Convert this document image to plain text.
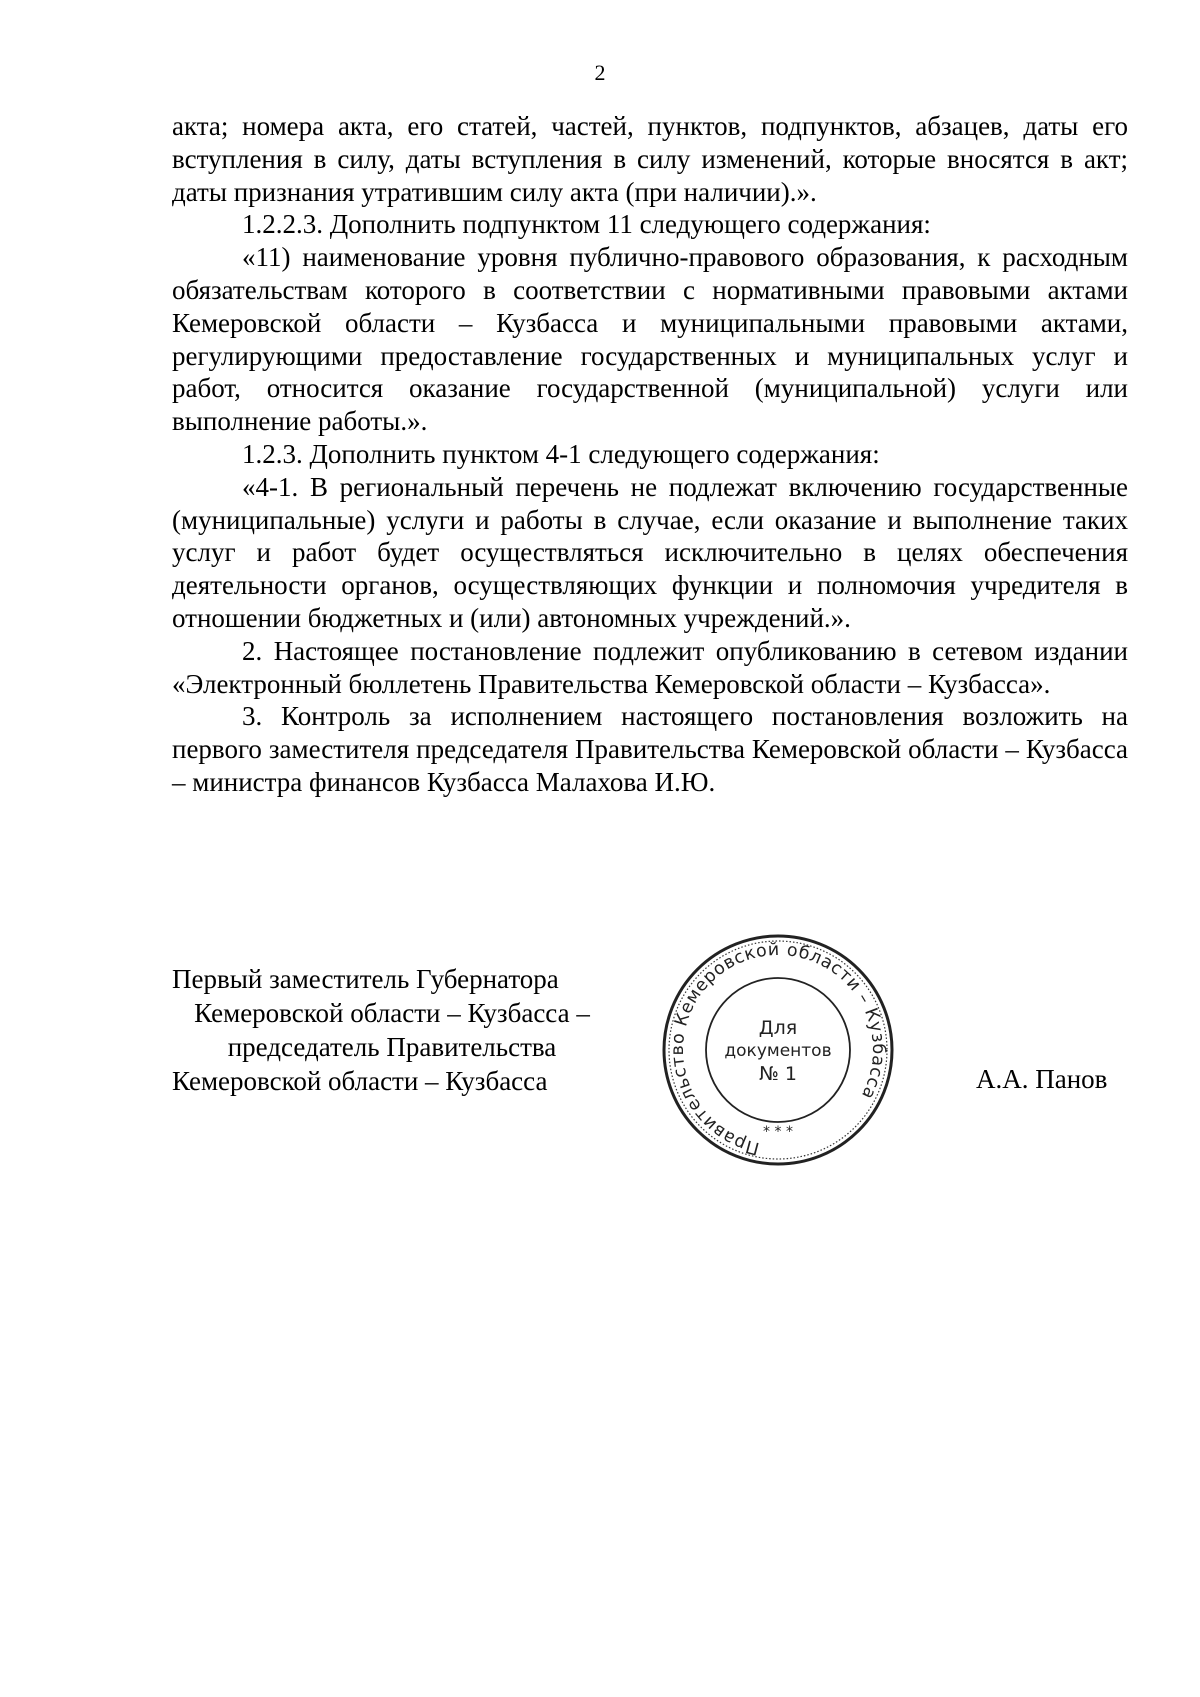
2

акта; номера акта, его статей, частей, пунктов, подпунктов, абзацев, даты его вступления в силу, даты вступления в силу изменений, которые вносятся в акт; даты признания утратившим силу акта (при наличии).».

1.2.2.3. Дополнить подпунктом 11 следующего содержания:

«11) наименование уровня публично-правового образования, к расходным обязательствам которого в соответствии с нормативными правовыми актами Кемеровской области – Кузбасса и муниципальными правовыми актами, регулирующими предоставление государственных и муниципальных услуг и работ, относится оказание государственной (муниципальной) услуги или выполнение работы.».

1.2.3. Дополнить пунктом 4-1 следующего содержания:

«4-1. В региональный перечень не подлежат включению государственные (муниципальные) услуги и работы в случае, если оказание и выполнение таких услуг и работ будет осуществляться исключительно в целях обеспечения деятельности органов, осуществляющих функции и полномочия учредителя в отношении бюджетных и (или) автономных учреждений.».

2. Настоящее постановление подлежит опубликованию в сетевом издании «Электронный бюллетень Правительства Кемеровской области – Кузбасса».

3. Контроль за исполнением настоящего постановления возложить на первого заместителя председателя Правительства Кемеровской области – Кузбасса – министра финансов Кузбасса Малахова И.Ю.

Первый заместитель Губернатора
Кемеровской области – Кузбасса –
председатель Правительства
Кемеровской области – Кузбасса
Правительство Кемеровской области – Кузбасса
Для
документов
№ 1
* * *
А.А. Панов
